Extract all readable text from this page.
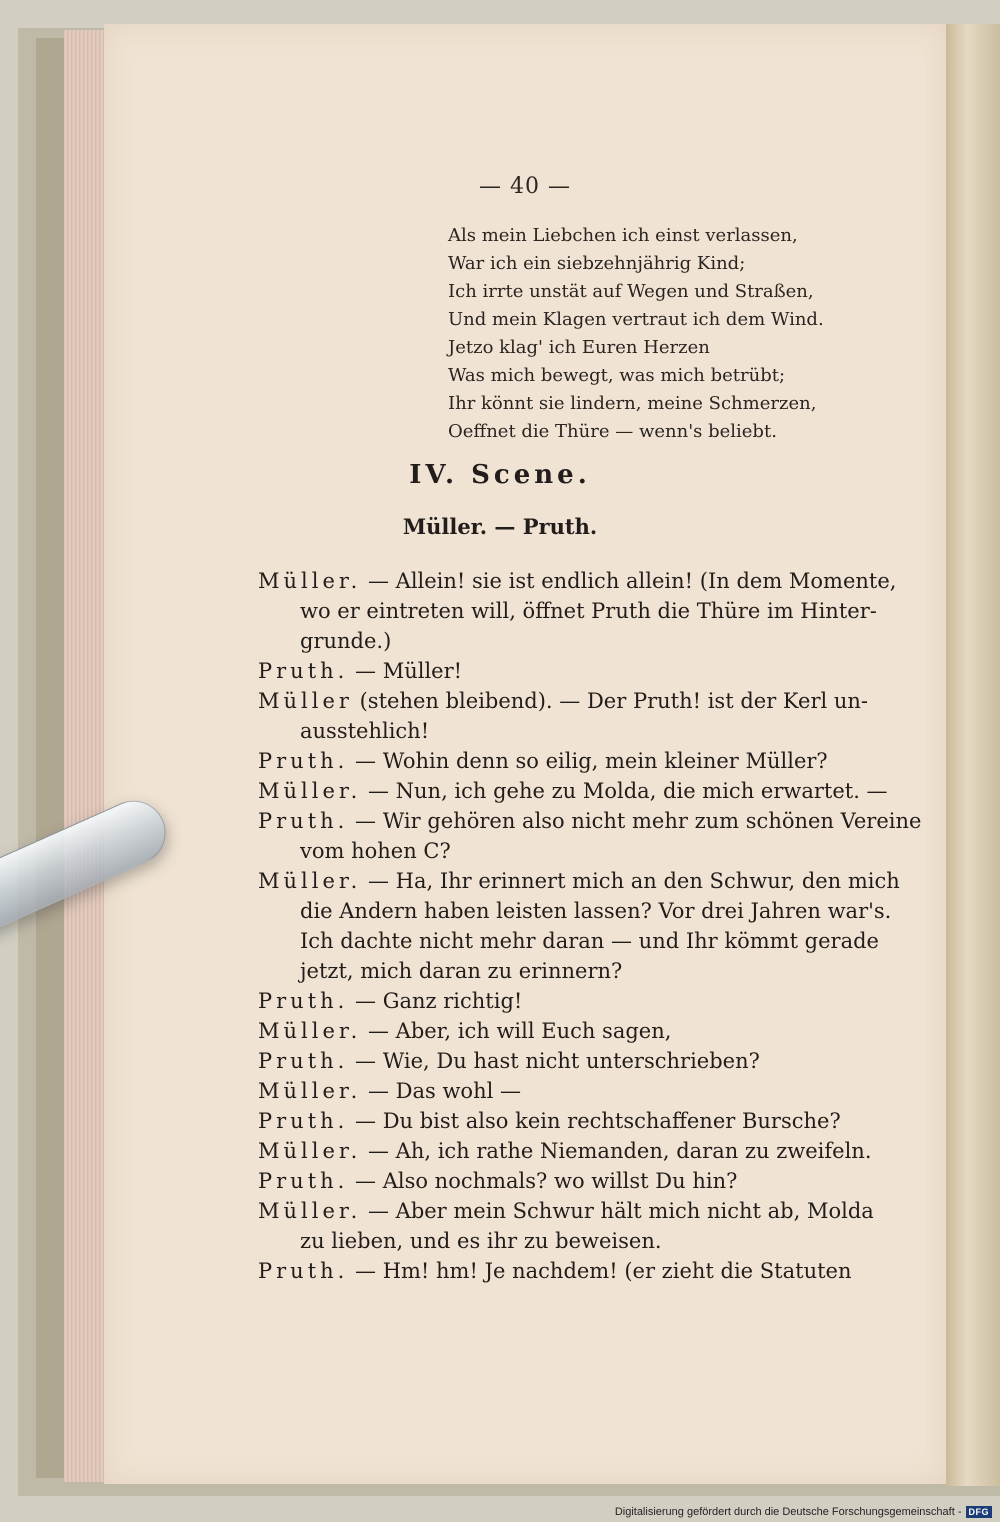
— 40 —
Als mein Liebchen ich einst verlassen,
War ich ein siebzehnjährig Kind;
Ich irrte unstät auf Wegen und Straßen,
Und mein Klagen vertraut ich dem Wind.
Jetzo klag' ich Euren Herzen
Was mich bewegt, was mich betrübt;
Ihr könnt sie lindern, meine Schmerzen,
Oeffnet die Thüre — wenn's beliebt.
IV. Scene.
Müller. — Pruth.
Müller. — Allein! sie ist endlich allein! (In dem Momente,
wo er eintreten will, öffnet Pruth die Thüre im Hinter-
grunde.)
Pruth. — Müller!
Müller (stehen bleibend). — Der Pruth! ist der Kerl un-
ausstehlich!
Pruth. — Wohin denn so eilig, mein kleiner Müller?
Müller. — Nun, ich gehe zu Molda, die mich erwartet. —
Pruth. — Wir gehören also nicht mehr zum schönen Vereine
vom hohen C?
Müller. — Ha, Ihr erinnert mich an den Schwur, den mich
die Andern haben leisten lassen? Vor drei Jahren war's.
Ich dachte nicht mehr daran — und Ihr kömmt gerade
jetzt, mich daran zu erinnern?
Pruth. — Ganz richtig!
Müller. — Aber, ich will Euch sagen,
Pruth. — Wie, Du hast nicht unterschrieben?
Müller. — Das wohl —
Pruth. — Du bist also kein rechtschaffener Bursche?
Müller. — Ah, ich rathe Niemanden, daran zu zweifeln.
Pruth. — Also nochmals? wo willst Du hin?
Müller. — Aber mein Schwur hält mich nicht ab, Molda
zu lieben, und es ihr zu beweisen.
Pruth. — Hm! hm! Je nachdem! (er zieht die Statuten
Digitalisierung gefördert durch die Deutsche Forschungsgemeinschaft - DFG
